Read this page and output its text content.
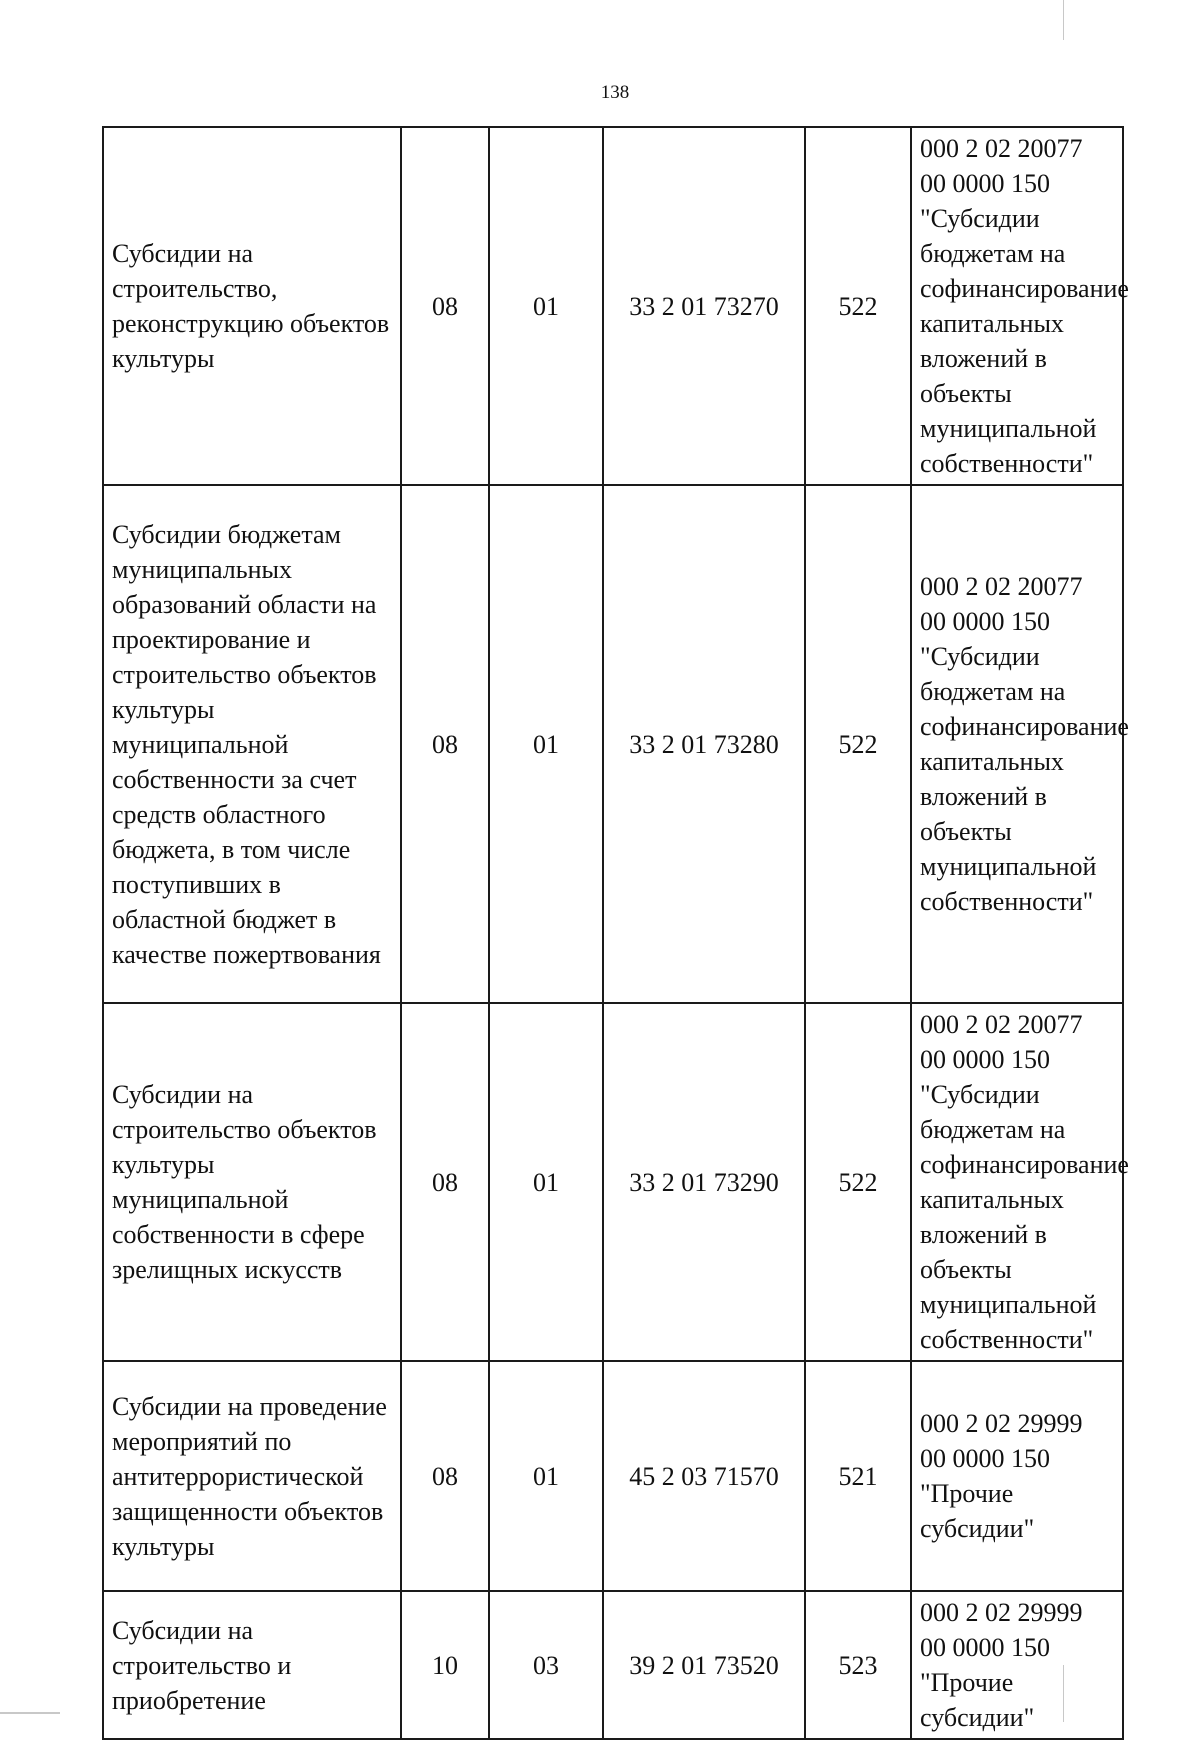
138
Субсидии на строительство, реконструкцию объектов культуры	08	01	33 2 01 73270	522	000 2 02 20077 00 0000 150 "Субсидии бюджетам на софинансирование капитальных вложений в объекты муниципальной собственности"
Субсидии бюджетам муниципальных образований области на проектирование и строительство объектов культуры муниципальной собственности за счет средств областного бюджета, в том числе поступивших в областной бюджет в качестве пожертвования	08	01	33 2 01 73280	522	000 2 02 20077 00 0000 150 "Субсидии бюджетам на софинансирование капитальных вложений в объекты муниципальной собственности"
Субсидии на строительство объектов культуры муниципальной собственности в сфере зрелищных искусств	08	01	33 2 01 73290	522	000 2 02 20077 00 0000 150 "Субсидии бюджетам на софинансирование капитальных вложений в объекты муниципальной собственности"
Субсидии на проведение мероприятий по антитеррористической защищенности объектов культуры	08	01	45 2 03 71570	521	000 2 02 29999 00 0000 150 "Прочие субсидии"
Субсидии на строительство и приобретение	10	03	39 2 01 73520	523	000 2 02 29999 00 0000 150 "Прочие субсидии"
